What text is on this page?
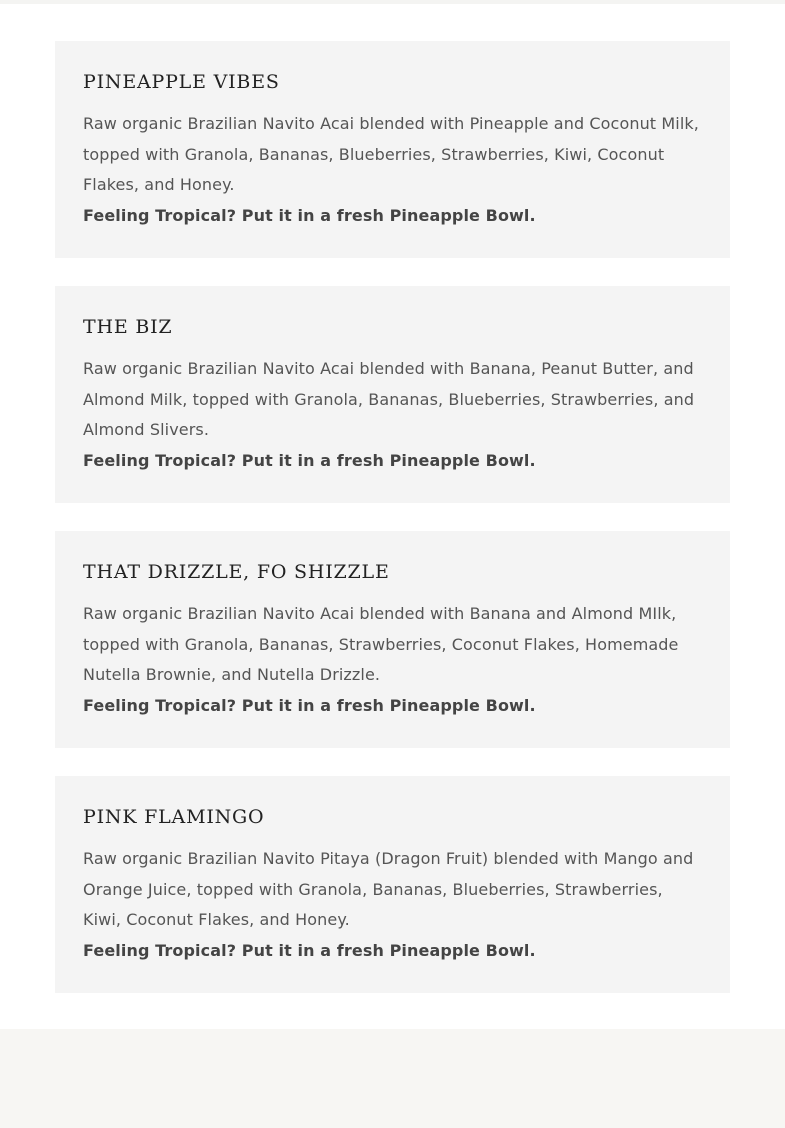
PINEAPPLE VIBES

Raw organic Brazilian Navito Acai blended with Pineapple and Coconut Milk, topped with Granola, Bananas, Blueberries, Strawberries, Kiwi, Coconut Flakes, and Honey.

Feeling Tropical? Put it in a fresh Pineapple Bowl.

THE BIZ

Raw organic Brazilian Navito Acai blended with Banana, Peanut Butter, and Almond Milk, topped with Granola, Bananas, Blueberries, Strawberries, and Almond Slivers.

Feeling Tropical? Put it in a fresh Pineapple Bowl.

THAT DRIZZLE, FO SHIZZLE

Raw organic Brazilian Navito Acai blended with Banana and Almond MIlk, topped with Granola, Bananas, Strawberries, Coconut Flakes, Homemade Nutella Brownie, and Nutella Drizzle.

Feeling Tropical? Put it in a fresh Pineapple Bowl.

PINK FLAMINGO

Raw organic Brazilian Navito Pitaya (Dragon Fruit) blended with Mango and Orange Juice, topped with Granola, Bananas, Blueberries, Strawberries, Kiwi, Coconut Flakes, and Honey.

Feeling Tropical? Put it in a fresh Pineapple Bowl.
